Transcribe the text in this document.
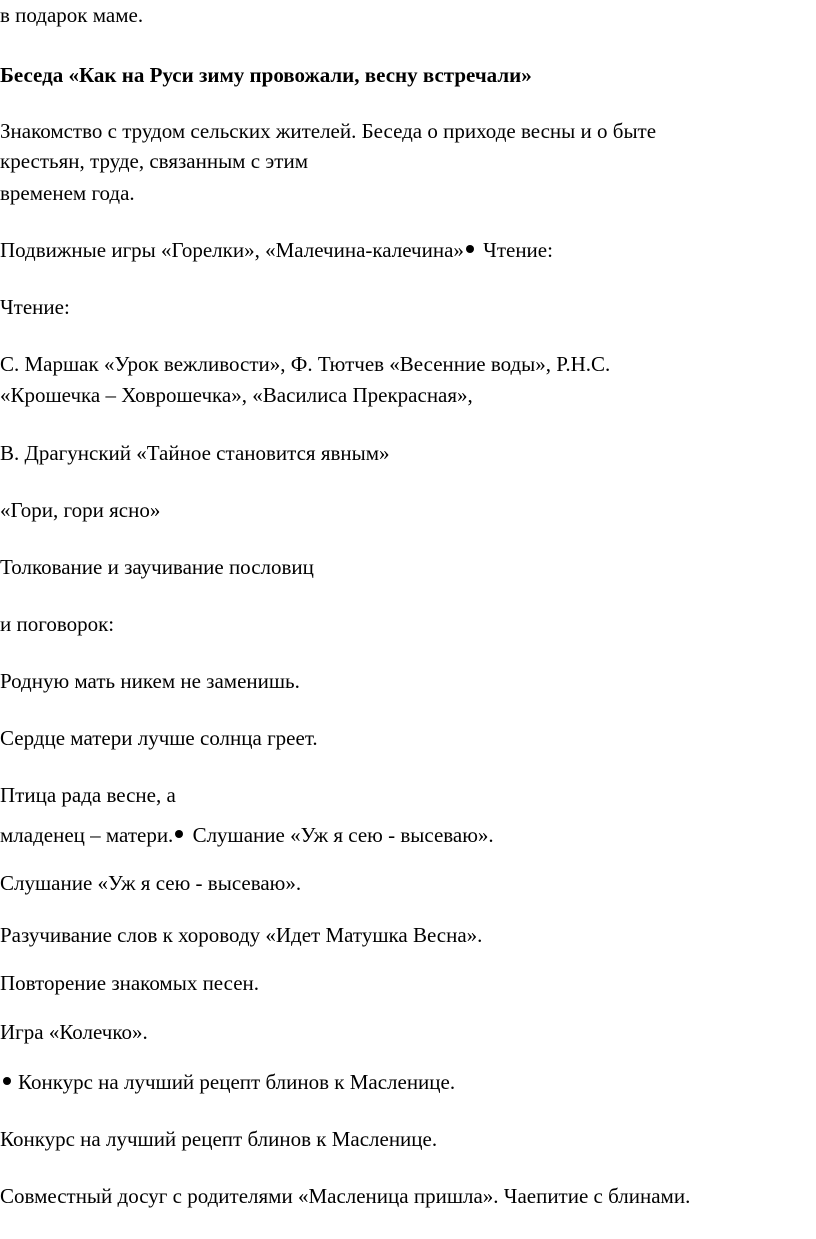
в подарок маме.
Беседа «Как на Руси зиму провожали, весну встречали»
Знакомство с трудом сельских жителей. Беседа о приходе весны и о быте
крестьян, труде, связанным с этим
временем года.
Подвижные игры «Горелки», «Малечина-калечина» Чтение:
Чтение:
С. Маршак «Урок вежливости», Ф. Тютчев «Весенние воды», Р.Н.С.
«Крошечка – Ховрошечка», «Василиса Прекрасная»,
В. Драгунский «Тайное становится явным»
«Гори, гори ясно»
Толкование и заучивание пословиц
и поговорок:
Родную мать никем не заменишь.
Сердце матери лучше солнца греет.
Птица рада весне, а
младенец – матери. Слушание «Уж я сею - высеваю».
Слушание «Уж я сею - высеваю».
Разучивание слов к хороводу «Идет Матушка Весна».
Повторение знакомых песен.
Игра «Колечко».
Конкурс на лучший рецепт блинов к Масленице.
Конкурс на лучший рецепт блинов к Масленице.
Совместный досуг с родителями «Масленица пришла». Чаепитие с блинами.
